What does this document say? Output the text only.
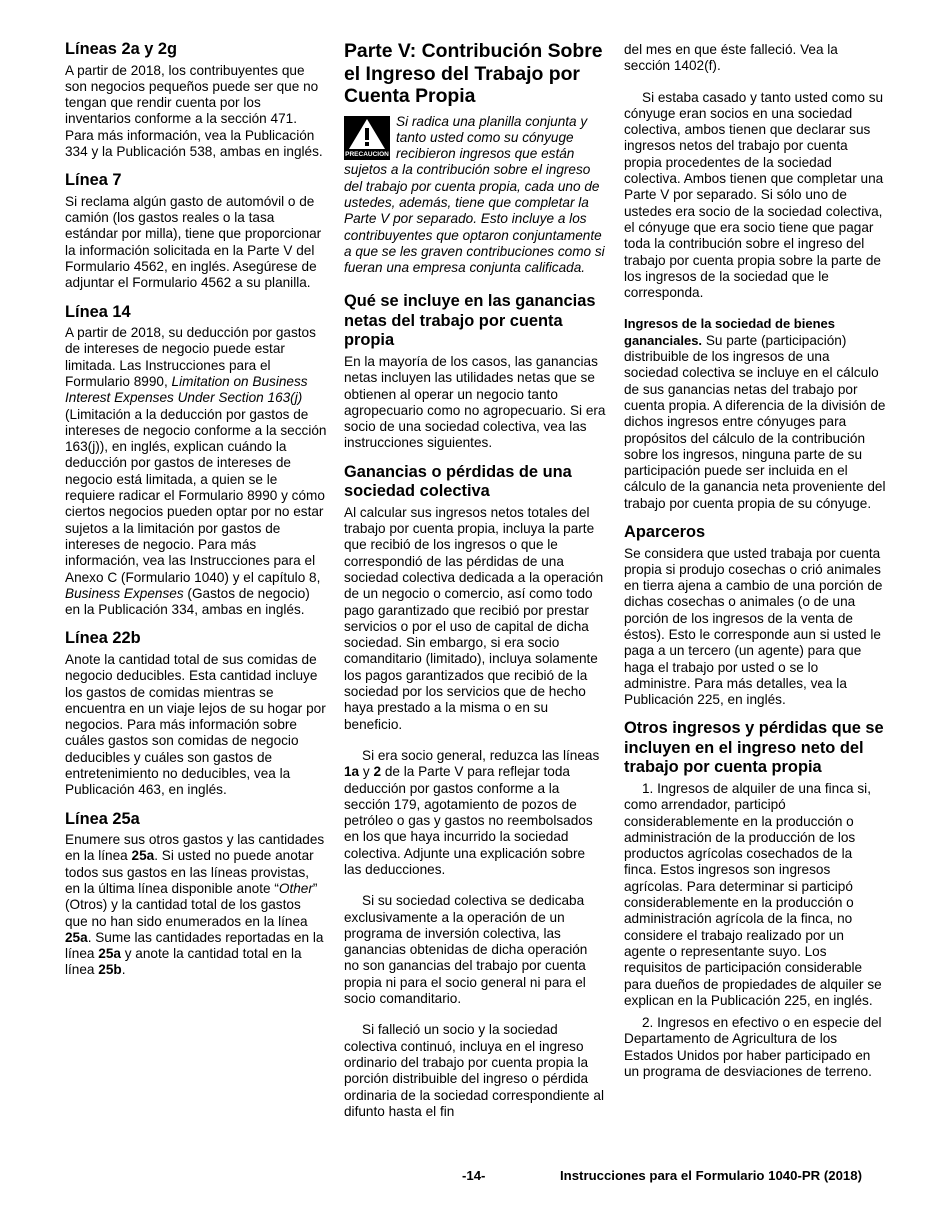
Líneas 2a y 2g

A partir de 2018, los contribuyentes que son negocios pequeños puede ser que no tengan que rendir cuenta por los inventarios conforme a la sección 471. Para más información, vea la Publicación 334 y la Publicación 538, ambas en inglés.

Línea 7

Si reclama algún gasto de automóvil o de camión (los gastos reales o la tasa estándar por milla), tiene que proporcionar la información solicitada en la Parte V del Formulario 4562, en inglés. Asegúrese de adjuntar el Formulario 4562 a su planilla.

Línea 14

A partir de 2018, su deducción por gastos de intereses de negocio puede estar limitada. Las Instrucciones para el Formulario 8990, Limitation on Business Interest Expenses Under Section 163(j) (Limitación a la deducción por gastos de intereses de negocio conforme a la sección 163(j)), en inglés, explican cuándo la deducción por gastos de intereses de negocio está limitada, a quien se le requiere radicar el Formulario 8990 y cómo ciertos negocios pueden optar por no estar sujetos a la limitación por gastos de intereses de negocio. Para más información, vea las Instrucciones para el Anexo C (Formulario 1040) y el capítulo 8, Business Expenses (Gastos de negocio) en la Publicación 334, ambas en inglés.

Línea 22b

Anote la cantidad total de sus comidas de negocio deducibles. Esta cantidad incluye los gastos de comidas mientras se encuentra en un viaje lejos de su hogar por negocios. Para más información sobre cuáles gastos son comidas de negocio deducibles y cuáles son gastos de entretenimiento no deducibles, vea la Publicación 463, en inglés.

Línea 25a

Enumere sus otros gastos y las cantidades en la línea 25a. Si usted no puede anotar todos sus gastos en las líneas provistas, en la última línea disponible anote “Other” (Otros) y la cantidad total de los gastos que no han sido enumerados en la línea 25a. Sume las cantidades reportadas en la línea 25a y anote la cantidad total en la línea 25b.

Parte V: Contribución Sobre el Ingreso del Trabajo por Cuenta Propia
PRECAUCION
Si radica una planilla conjunta y tanto usted como su cónyuge recibieron ingresos que están sujetos a la contribución sobre el ingreso del trabajo por cuenta propia, cada uno de ustedes, además, tiene que completar la Parte V por separado. Esto incluye a los contribuyentes que optaron conjuntamente a que se les graven contribuciones como si fueran una empresa conjunta calificada.
Qué se incluye en las ganancias netas del trabajo por cuenta propia

En la mayoría de los casos, las ganancias netas incluyen las utilidades netas que se obtienen al operar un negocio tanto agropecuario como no agropecuario. Si era socio de una sociedad colectiva, vea las instrucciones siguientes.

Ganancias o pérdidas de una sociedad colectiva

Al calcular sus ingresos netos totales del trabajo por cuenta propia, incluya la parte que recibió de los ingresos o que le correspondió de las pérdidas de una sociedad colectiva dedicada a la operación de un negocio o comercio, así como todo pago garantizado que recibió por prestar servicios o por el uso de capital de dicha sociedad. Sin embargo, si era socio comanditario (limitado), incluya solamente los pagos garantizados que recibió de la sociedad por los servicios que de hecho haya prestado a la misma o en su beneficio.

Si era socio general, reduzca las líneas 1a y 2 de la Parte V para reflejar toda deducción por gastos conforme a la sección 179, agotamiento de pozos de petróleo o gas y gastos no reembolsados en los que haya incurrido la sociedad colectiva. Adjunte una explicación sobre las deducciones.

Si su sociedad colectiva se dedicaba exclusivamente a la operación de un programa de inversión colectiva, las ganancias obtenidas de dicha operación no son ganancias del trabajo por cuenta propia ni para el socio general ni para el socio comanditario.

Si falleció un socio y la sociedad colectiva continuó, incluya en el ingreso ordinario del trabajo por cuenta propia la porción distribuible del ingreso o pérdida ordinaria de la sociedad correspondiente al difunto hasta el fin

del mes en que éste falleció. Vea la sección 1402(f).

Si estaba casado y tanto usted como su cónyuge eran socios en una sociedad colectiva, ambos tienen que declarar sus ingresos netos del trabajo por cuenta propia procedentes de la sociedad colectiva. Ambos tienen que completar una Parte V por separado. Si sólo uno de ustedes era socio de la sociedad colectiva, el cónyuge que era socio tiene que pagar toda la contribución sobre el ingreso del trabajo por cuenta propia sobre la parte de los ingresos de la sociedad que le corresponda.

Ingresos de la sociedad de bienes gananciales. Su parte (participación) distribuible de los ingresos de una sociedad colectiva se incluye en el cálculo de sus ganancias netas del trabajo por cuenta propia. A diferencia de la división de dichos ingresos entre cónyuges para propósitos del cálculo de la contribución sobre los ingresos, ninguna parte de su participación puede ser incluida en el cálculo de la ganancia neta proveniente del trabajo por cuenta propia de su cónyuge.

Aparceros

Se considera que usted trabaja por cuenta propia si produjo cosechas o crió animales en tierra ajena a cambio de una porción de dichas cosechas o animales (o de una porción de los ingresos de la venta de éstos). Esto le corresponde aun si usted le paga a un tercero (un agente) para que haga el trabajo por usted o se lo administre. Para más detalles, vea la Publicación 225, en inglés.

Otros ingresos y pérdidas que se incluyen en el ingreso neto del trabajo por cuenta propia

1. Ingresos de alquiler de una finca si, como arrendador, participó considerablemente en la producción o administración de la producción de los productos agrícolas cosechados de la finca. Estos ingresos son ingresos agrícolas. Para determinar si participó considerablemente en la producción o administración agrícola de la finca, no considere el trabajo realizado por un agente o representante suyo. Los requisitos de participación considerable para dueños de propiedades de alquiler se explican en la Publicación 225, en inglés.

2. Ingresos en efectivo o en especie del Departamento de Agricultura de los Estados Unidos por haber participado en un programa de desviaciones de terreno.

-14-	Instrucciones para el Formulario 1040-PR (2018)
